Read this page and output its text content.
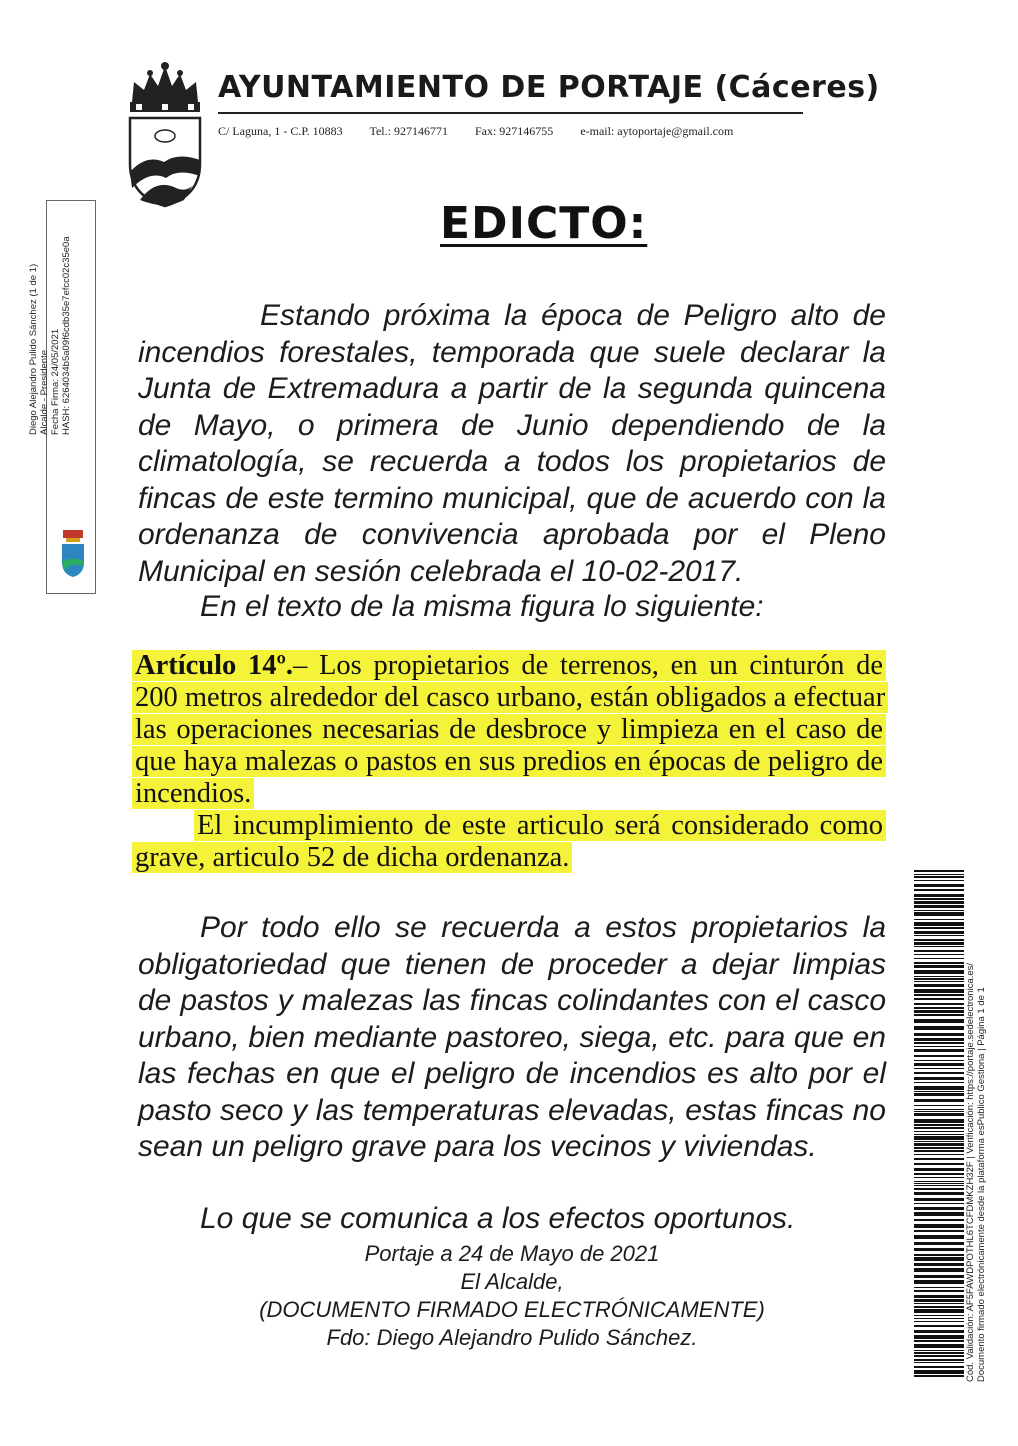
AYUNTAMIENTO DE PORTAJE (Cáceres)
C/ Laguna, 1 - C.P. 10883 Tel.: 927146771 Fax: 927146755 e-mail: aytoportaje@gmail.com
EDICTO:
Diego Alejandro Pulido Sánchez (1 de 1) Alcalde - Presidente Fecha Firma: 24/05/2021 HASH: 6264034b5a09f6cdb35e7efcc02c35e0a	Estando próxima la época de Peligro alto de incendios forestales, temporada que suele declarar la Junta de Extremadura a partir de la segunda quincena de Mayo, o primera de Junio dependiendo de la climatología, se recuerda a todos los propietarios de fincas de este termino municipal, que de acuerdo con la ordenanza de convivencia aprobada por el Pleno Municipal en sesión celebrada el 10-02-2017.
En el texto de la misma figura lo siguiente:
Artículo 14º.– Los propietarios de terrenos, en un cinturón de 200 metros alrededor del casco urbano, están obligados a efectuar las operaciones necesarias de desbroce y limpieza en el caso de que haya malezas o pastos en sus predios en épocas de peligro de incendios.
El incumplimiento de este articulo será considerado como grave, articulo 52 de dicha ordenanza.
Por todo ello se recuerda a estos propietarios la obligatoriedad que tienen de proceder a dejar limpias de pastos y malezas las fincas colindantes con el casco urbano, bien mediante pastoreo, siega, etc. para que en las fechas en que el peligro de incendios es alto por el pasto seco y las temperaturas elevadas, estas fincas no sean un peligro grave para los vecinos y viviendas.
Lo que se comunica a los efectos oportunos.
Portaje a 24 de Mayo de 2021
El Alcalde,
(DOCUMENTO FIRMADO ELECTRÓNICAMENTE)
Fdo: Diego Alejandro Pulido Sánchez.	Cód. Validación: AF5FAWDPOTHL6TCFDMKZH32F | Verificación: https://portaje.sedelectronica.es/ Documento firmado electrónicamente desde la plataforma esPublico Gestiona | Página 1 de 1
